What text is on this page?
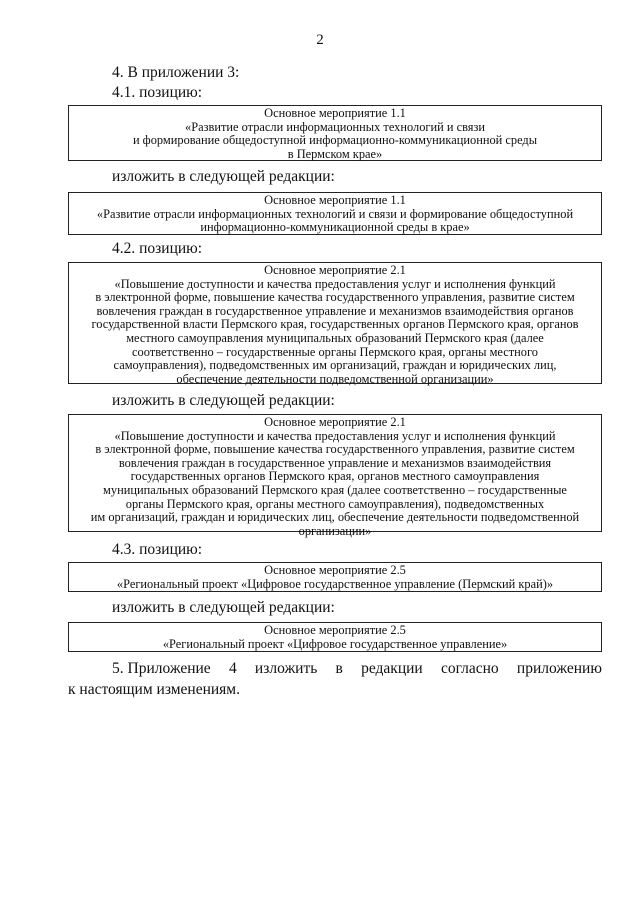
2
4. В приложении 3:
4.1. позицию:
Основное мероприятие 1.1
«Развитие отрасли информационных технологий и связи
и формирование общедоступной информационно-коммуникационной среды
в Пермском крае»
изложить в следующей редакции:
Основное мероприятие 1.1
«Развитие отрасли информационных технологий и связи и формирование общедоступной
информационно-коммуникационной среды в крае»
4.2. позицию:
Основное мероприятие 2.1
«Повышение доступности и качества предоставления услуг и исполнения функций
в электронной форме, повышение качества государственного управления, развитие систем
вовлечения граждан в государственное управление и механизмов взаимодействия органов
государственной власти Пермского края, государственных органов Пермского края, органов
местного самоуправления муниципальных образований Пермского края (далее
соответственно – государственные органы Пермского края, органы местного
самоуправления), подведомственных им организаций, граждан и юридических лиц,
обеспечение деятельности подведомственной организации»
изложить в следующей редакции:
Основное мероприятие 2.1
«Повышение доступности и качества предоставления услуг и исполнения функций
в электронной форме, повышение качества государственного управления, развитие систем
вовлечения граждан в государственное управление и механизмов взаимодействия
государственных органов Пермского края, органов местного самоуправления
муниципальных образований Пермского края (далее соответственно – государственные
органы Пермского края, органы местного самоуправления), подведомственных
им организаций, граждан и юридических лиц, обеспечение деятельности подведомственной
организации»
4.3. позицию:
Основное мероприятие 2.5
«Региональный проект «Цифровое государственное управление (Пермский край)»
изложить в следующей редакции:
Основное мероприятие 2.5
«Региональный проект «Цифровое государственное управление»
5. Приложение 4 изложить в редакции согласно приложению
к настоящим изменениям.
